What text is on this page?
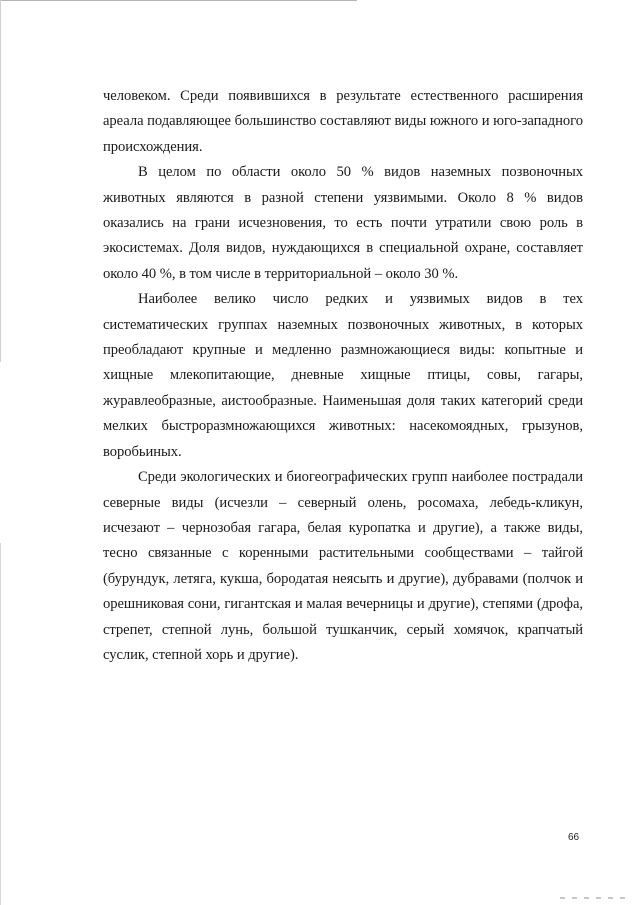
человеком. Среди появившихся в результате естественного расширения ареала подавляющее большинство составляют виды южного и юго-западного происхождения.

В целом по области около 50 % видов наземных позвоночных животных являются в разной степени уязвимыми. Около 8 % видов оказались на грани исчезновения, то есть почти утратили свою роль в экосистемах. Доля видов, нуждающихся в специальной охране, составляет около 40 %, в том числе в территориальной – около 30 %.

Наиболее велико число редких и уязвимых видов в тех систематических группах наземных позвоночных животных, в которых преобладают крупные и медленно размножающиеся виды: копытные и хищные млекопитающие, дневные хищные птицы, совы, гагары, журавлеобразные, аистообразные. Наименьшая доля таких категорий среди мелких быстроразмножающихся животных: насекомоядных, грызунов, воробьиных.

Среди экологических и биогеографических групп наиболее пострадали северные виды (исчезли – северный олень, росомаха, лебедь-кликун, исчезают – чернозобая гагара, белая куропатка и другие), а также виды, тесно связанные с коренными растительными сообществами – тайгой (бурундук, летяга, кукша, бородатая неясыть и другие), дубравами (полчок и орешниковая сони, гигантская и малая вечерницы и другие), степями (дрофа, стрепет, степной лунь, большой тушканчик, серый хомячок, крапчатый суслик, степной хорь и другие).

66
